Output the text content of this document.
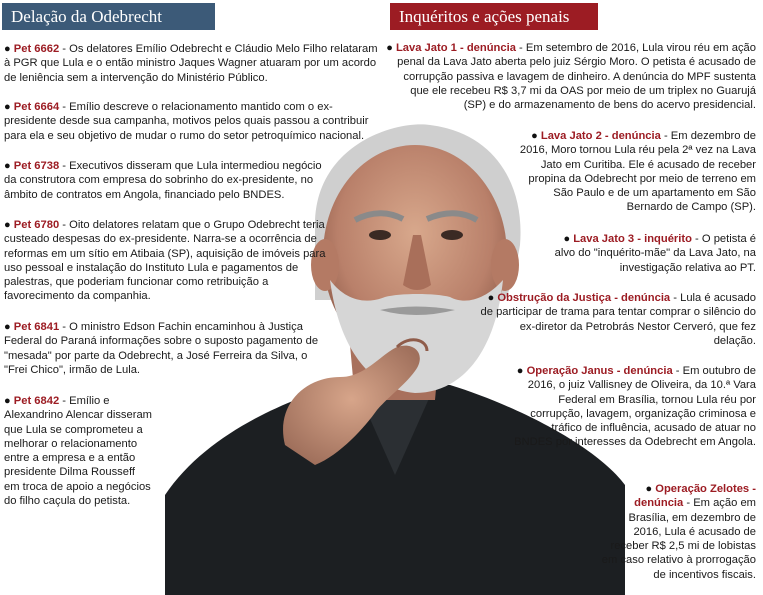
Delação da Odebrecht	Inquéritos e ações penais

● Pet 6662 - Os delatores Emílio Odebrecht e Cláudio Melo Filho relataram à PGR que Lula e o então ministro Jaques Wagner atuaram por um acordo de leniência sem a intervenção do Ministério Público.

● Pet 6664 - Emílio descreve o relacionamento mantido com o ex-presidente desde sua campanha, motivos pelos quais passou a contribuir para ela e seu objetivo de mudar o rumo do setor petroquímico nacional.

● Pet 6738 - Executivos disseram que Lula intermediou negócio da construtora com empresa do sobrinho do ex-presidente, no âmbito de contratos em Angola, financiado pelo BNDES.

● Pet 6780 - Oito delatores relatam que o Grupo Odebrecht teria custeado despesas do ex-presidente. Narra-se a ocorrência de reformas em um sítio em Atibaia (SP), aquisição de imóveis para uso pessoal e instalação do Instituto Lula e pagamentos de palestras, que poderiam funcionar como retribuição a favorecimento da companhia.

● Pet 6841 - O ministro Edson Fachin encaminhou à Justiça Federal do Paraná informações sobre o suposto pagamento de "mesada" por parte da Odebrecht, a José Ferreira da Silva, o "Frei Chico", irmão de Lula.

● Pet 6842 - Emílio e Alexandrino Alencar disseram que Lula se comprometeu a melhorar o relacionamento entre a empresa e a então presidente Dilma Rousseff em troca de apoio a negócios do filho caçula do petista.

● Lava Jato 1 - denúncia - Em setembro de 2016, Lula virou réu em ação penal da Lava Jato aberta pelo juiz Sérgio Moro. O petista é acusado de corrupção passiva e lavagem de dinheiro. A denúncia do MPF sustenta que ele recebeu R$ 3,7 mi da OAS por meio de um triplex no Guarujá (SP) e do armazenamento de bens do acervo presidencial.

● Lava Jato 2 - denúncia - Em dezembro de 2016, Moro tornou Lula réu pela 2ª vez na Lava Jato em Curitiba. Ele é acusado de receber propina da Odebrecht por meio de terreno em São Paulo e de um apartamento em São Bernardo de Campo (SP).

● Lava Jato 3 - inquérito - O petista é alvo do "inquérito-mãe" da Lava Jato, na investigação relativa ao PT.

● Obstrução da Justiça - denúncia - Lula é acusado de participar de trama para tentar comprar o silêncio do ex-diretor da Petrobrás Nestor Cerveró, que fez delação.

● Operação Janus - denúncia - Em outubro de 2016, o juiz Vallisney de Oliveira, da 10.ª Vara Federal em Brasília, tornou Lula réu por corrupção, lavagem, organização criminosa e tráfico de influência, acusado de atuar no BNDES por interesses da Odebrecht em Angola.

● Operação Zelotes - denúncia - Em ação em Brasília, em dezembro de 2016, Lula é acusado de receber R$ 2,5 mi de lobistas em caso relativo à prorrogação de incentivos fiscais.
